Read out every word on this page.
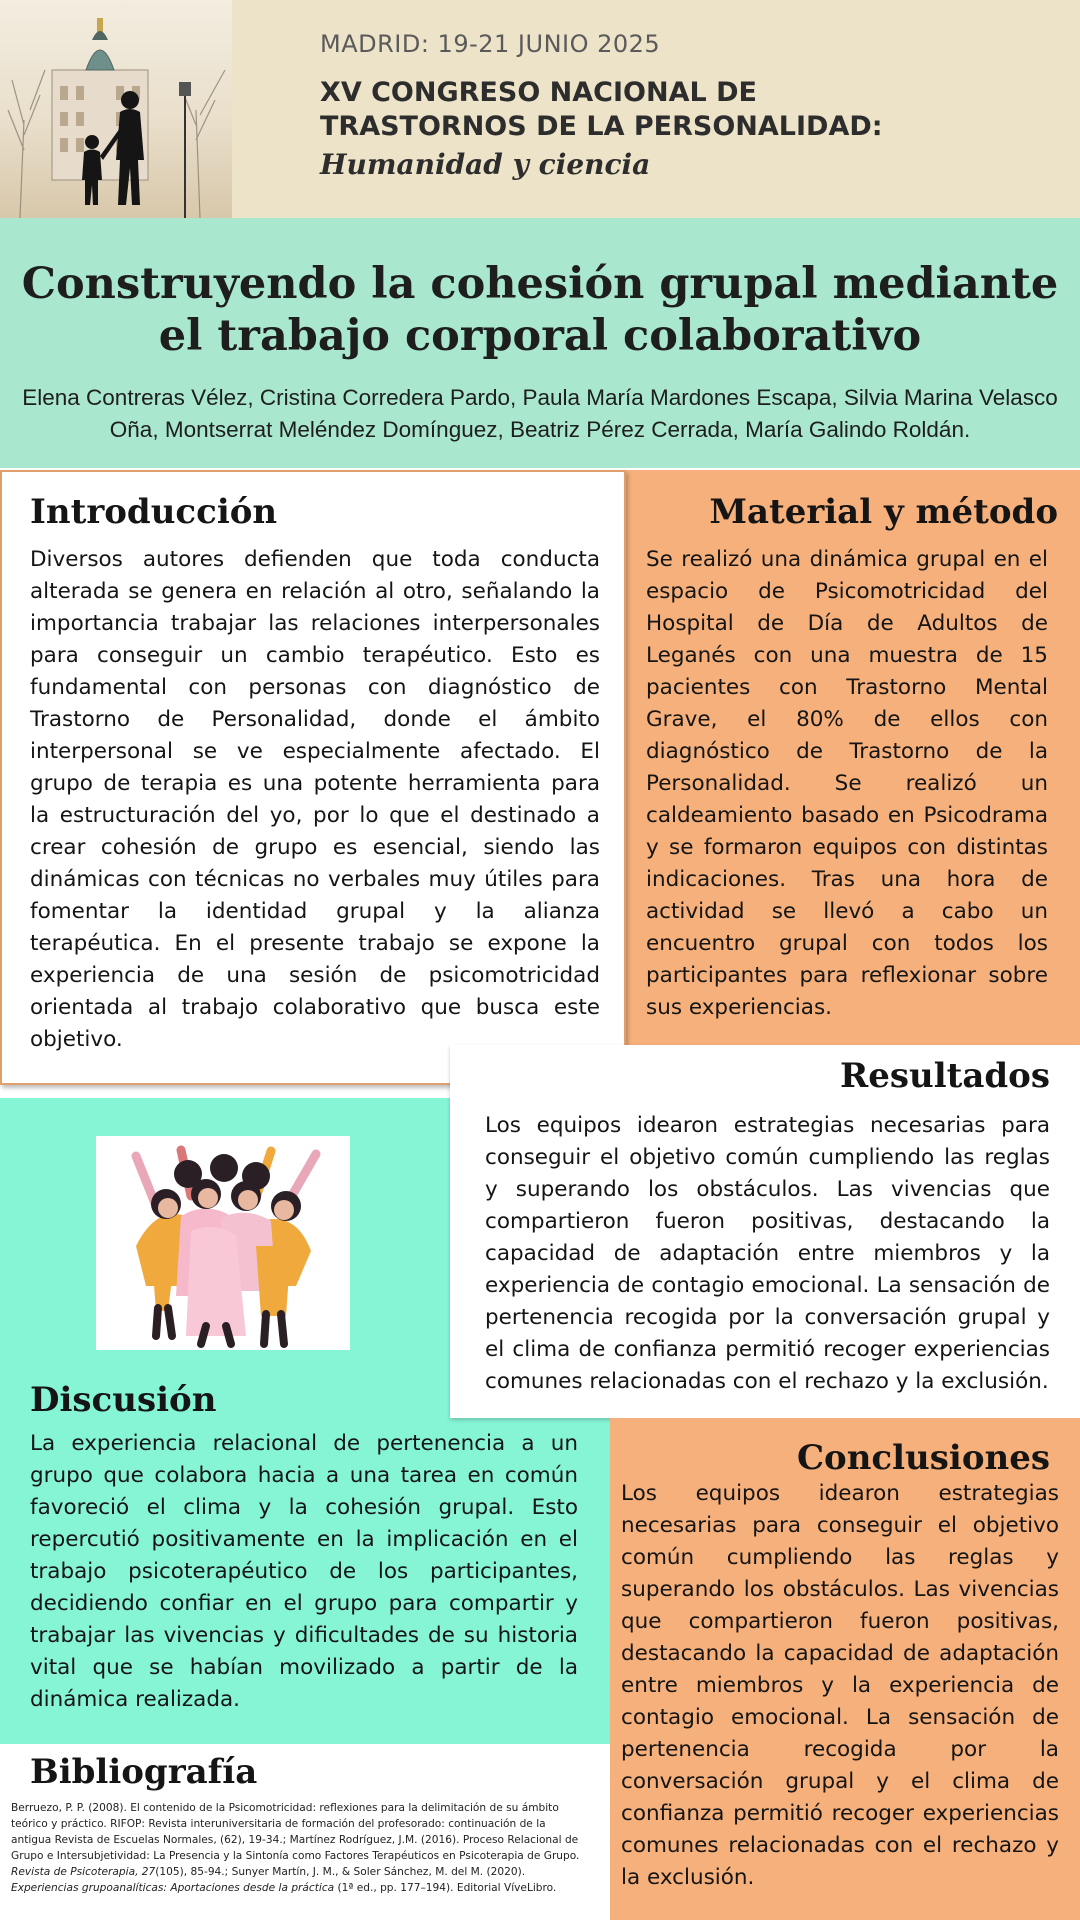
MADRID: 19-21 JUNIO 2025
XV CONGRESO NACIONAL DE
TRASTORNOS DE LA PERSONALIDAD:
Humanidad y ciencia
Construyendo la cohesión grupal mediante
el trabajo corporal colaborativo
Elena Contreras Vélez, Cristina Corredera Pardo, Paula María Mardones Escapa, Silvia Marina Velasco Oña, Montserrat Meléndez Domínguez, Beatriz Pérez Cerrada, María Galindo Roldán.
Introducción
Diversos autores defienden que toda conducta alterada se genera en relación al otro, señalando la importancia trabajar las relaciones interpersonales para conseguir un cambio terapéutico. Esto es fundamental con personas con diagnóstico de Trastorno de Personalidad, donde el ámbito interpersonal se ve especialmente afectado. El grupo de terapia es una potente herramienta para la estructuración del yo, por lo que el destinado a crear cohesión de grupo es esencial, siendo las dinámicas con técnicas no verbales muy útiles para fomentar la identidad grupal y la alianza terapéutica. En el presente trabajo se expone la experiencia de una sesión de psicomotricidad orientada al trabajo colaborativo que busca este objetivo.
Material y método
Se realizó una dinámica grupal en el espacio de Psicomotricidad del Hospital de Día de Adultos de Leganés con una muestra de 15 pacientes con Trastorno Mental Grave, el 80% de ellos con diagnóstico de Trastorno de la Personalidad. Se realizó un caldeamiento basado en Psicodrama y se formaron equipos con distintas indicaciones. Tras una hora de actividad se llevó a cabo un encuentro grupal con todos los participantes para reflexionar sobre sus experiencias.
Resultados
Los equipos idearon estrategias necesarias para conseguir el objetivo común cumpliendo las reglas y superando los obstáculos. Las vivencias que compartieron fueron positivas, destacando la capacidad de adaptación entre miembros y la experiencia de contagio emocional. La sensación de pertenencia recogida por la conversación grupal y el clima de confianza permitió recoger experiencias comunes relacionadas con el rechazo y la exclusión.
Discusión
La experiencia relacional de pertenencia a un grupo que colabora hacia a una tarea en común favoreció el clima y la cohesión grupal. Esto repercutió positivamente en la implicación en el trabajo psicoterapéutico de los participantes, decidiendo confiar en el grupo para compartir y trabajar las vivencias y dificultades de su historia vital que se habían movilizado a partir de la dinámica realizada.
Conclusiones
Los equipos idearon estrategias necesarias para conseguir el objetivo común cumpliendo las reglas y superando los obstáculos. Las vivencias que compartieron fueron positivas, destacando la capacidad de adaptación entre miembros y la experiencia de contagio emocional. La sensación de pertenencia recogida por la conversación grupal y el clima de confianza permitió recoger experiencias comunes relacionadas con el rechazo y la exclusión.
Bibliografía
Berruezo, P. P. (2008). El contenido de la Psicomotricidad: reflexiones para la delimitación de su ámbito teórico y práctico. RIFOP: Revista interuniversitaria de formación del profesorado: continuación de la antigua Revista de Escuelas Normales, (62), 19-34.; Martínez Rodríguez, J.M. (2016). Proceso Relacional de Grupo e Intersubjetividad: La Presencia y la Sintonía como Factores Terapéuticos en Psicoterapia de Grupo. Revista de Psicoterapia, 27(105), 85-94.; Sunyer Martín, J. M., & Soler Sánchez, M. del M. (2020). Experiencias grupoanalíticas: Aportaciones desde la práctica (1ª ed., pp. 177–194). Editorial VíveLibro.
